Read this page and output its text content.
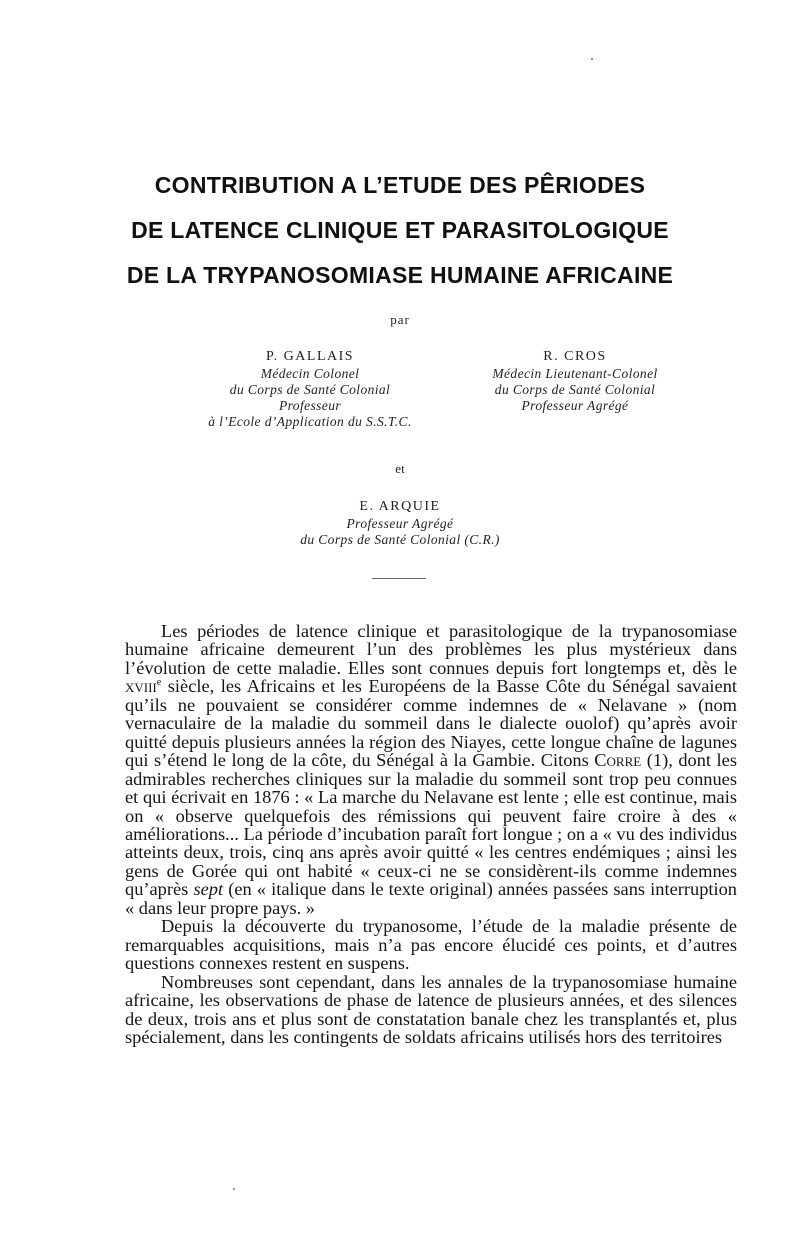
CONTRIBUTION A L’ETUDE DES PÊRIODES
DE LATENCE CLINIQUE ET PARASITOLOGIQUE
DE LA TRYPANOSOMIASE HUMAINE AFRICAINE
par
P. GALLAIS
Médecin Colonel
du Corps de Santé Colonial
Professeur
à l’Ecole d’Application du S.S.T.C.
R. CROS
Médecin Lieutenant-Colonel
du Corps de Santé Colonial
Professeur Agrégé
et
E. ARQUIE
Professeur Agrégé
du Corps de Santé Colonial (C.R.)

Les périodes de latence clinique et parasitologique de la trypanosomiase humaine africaine demeurent l’un des problèmes les plus mystérieux dans l’évolution de cette maladie. Elles sont connues depuis fort longtemps et, dès le xviii$^e$ siècle, les Africains et les Européens de la Basse Côte du Sénégal savaient qu’ils ne pouvaient se considérer comme indemnes de « Nelavane » (nom vernaculaire de la maladie du sommeil dans le dialecte ouolof) qu’après avoir quitté depuis plusieurs années la région des Niayes, cette longue chaîne de lagunes qui s’étend le long de la côte, du Sénégal à la Gambie. Citons Corre (1), dont les admirables recherches cliniques sur la maladie du sommeil sont trop peu connues et qui écrivait en 1876 : « La marche du Nelavane est lente ; elle est continue, mais on « observe quelquefois des rémissions qui peuvent faire croire à des « améliorations... La période d’incubation paraît fort longue ; on a « vu des individus atteints deux, trois, cinq ans après avoir quitté « les centres endémiques ; ainsi les gens de Gorée qui ont habité « ceux-ci ne se considèrent-ils comme indemnes qu’après sept (en « italique dans le texte original) années passées sans interruption « dans leur propre pays. »

Depuis la découverte du trypanosome, l’étude de la maladie présente de remarquables acquisitions, mais n’a pas encore élucidé ces points, et d’autres questions connexes restent en suspens.

Nombreuses sont cependant, dans les annales de la trypanosomiase humaine africaine, les observations de phase de latence de plusieurs années, et des silences de deux, trois ans et plus sont de constatation banale chez les transplantés et, plus spécialement, dans les contingents de soldats africains utilisés hors des territoires
